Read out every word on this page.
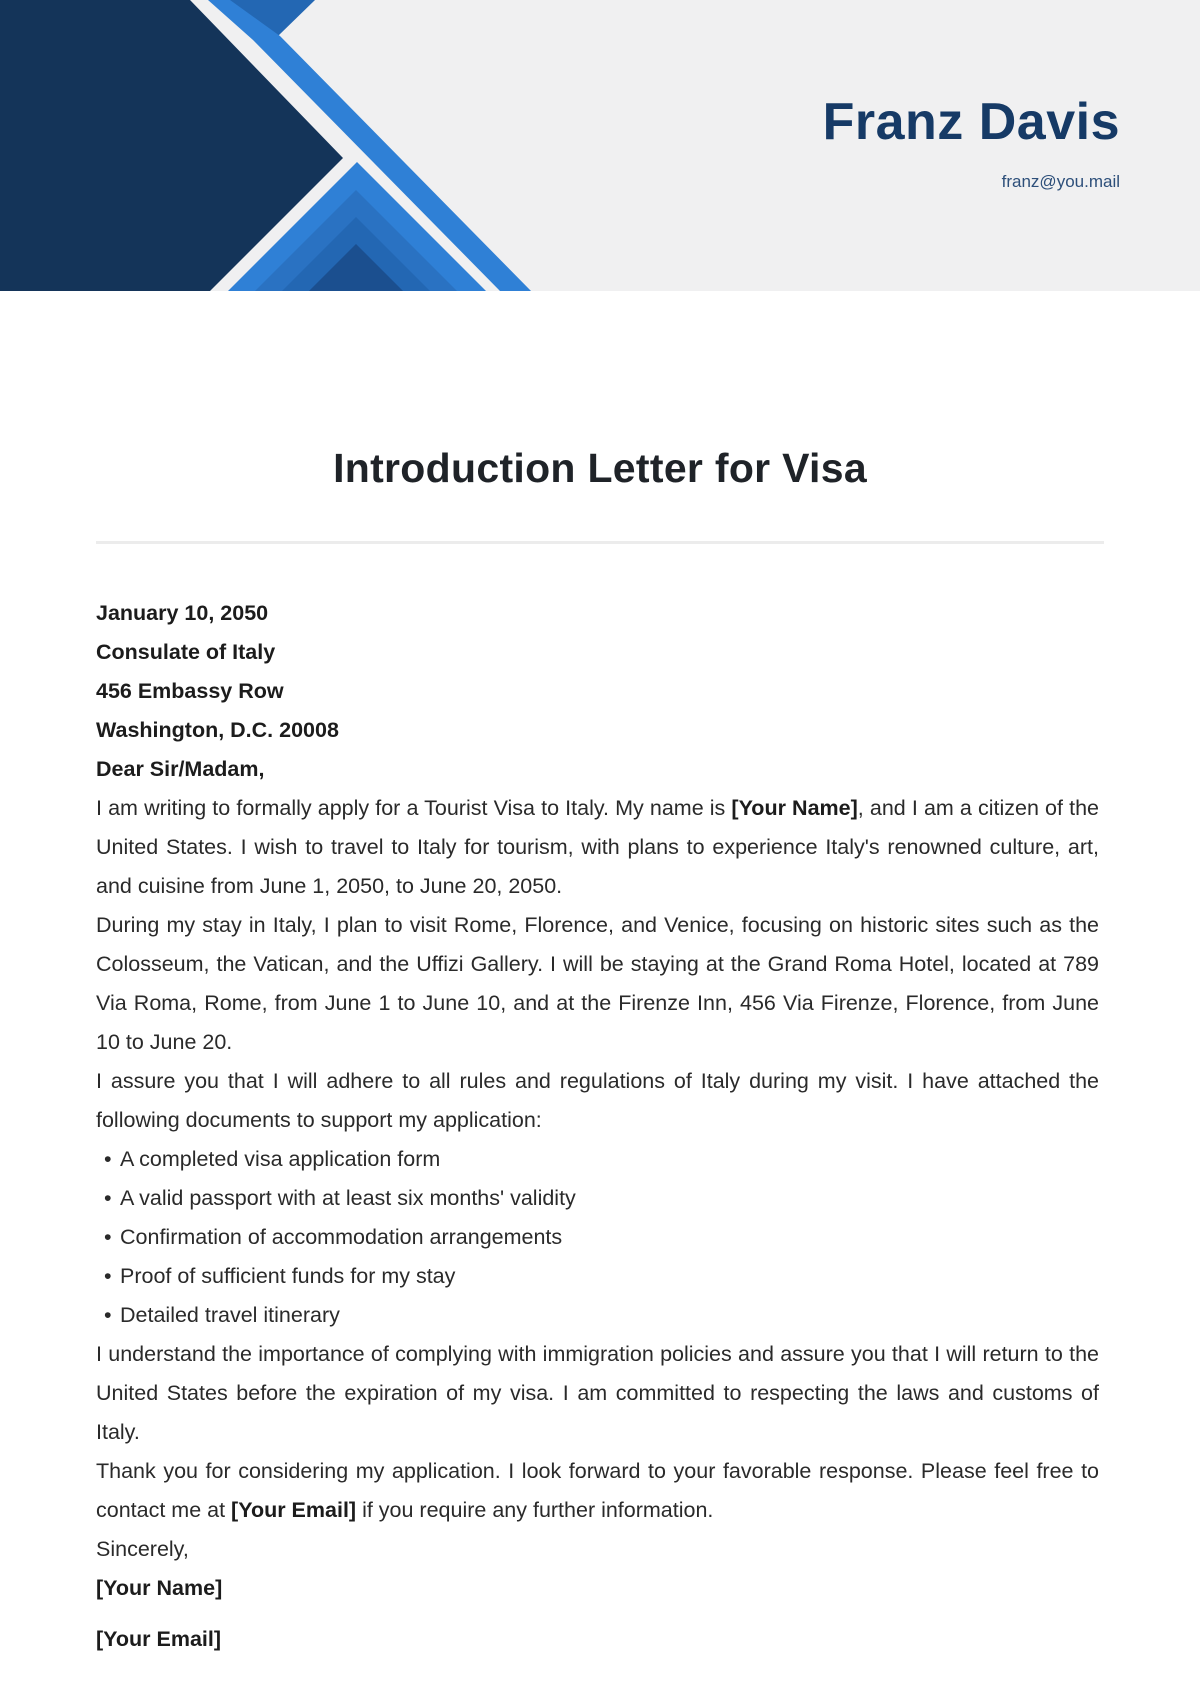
Franz Davis
franz@you.mail
Introduction Letter for Visa

January 10, 2050

Consulate of Italy

456 Embassy Row

Washington, D.C. 20008

Dear Sir/Madam,

I am writing to formally apply for a Tourist Visa to Italy. My name is [Your Name], and I am a citizen of the United States. I wish to travel to Italy for tourism, with plans to experience Italy's renowned culture, art, and cuisine from June 1, 2050, to June 20, 2050.

During my stay in Italy, I plan to visit Rome, Florence, and Venice, focusing on historic sites such as the Colosseum, the Vatican, and the Uffizi Gallery. I will be staying at the Grand Roma Hotel, located at 789 Via Roma, Rome, from June 1 to June 10, and at the Firenze Inn, 456 Via Firenze, Florence, from June 10 to June 20.

I assure you that I will adhere to all rules and regulations of Italy during my visit. I have attached the following documents to support my application:

• A completed visa application form
• A valid passport with at least six months' validity
• Confirmation of accommodation arrangements
• Proof of sufficient funds for my stay
• Detailed travel itinerary

I understand the importance of complying with immigration policies and assure you that I will return to the United States before the expiration of my visa. I am committed to respecting the laws and customs of Italy.

Thank you for considering my application. I look forward to your favorable response. Please feel free to contact me at [Your Email] if you require any further information.

Sincerely,

[Your Name]

[Your Email]
